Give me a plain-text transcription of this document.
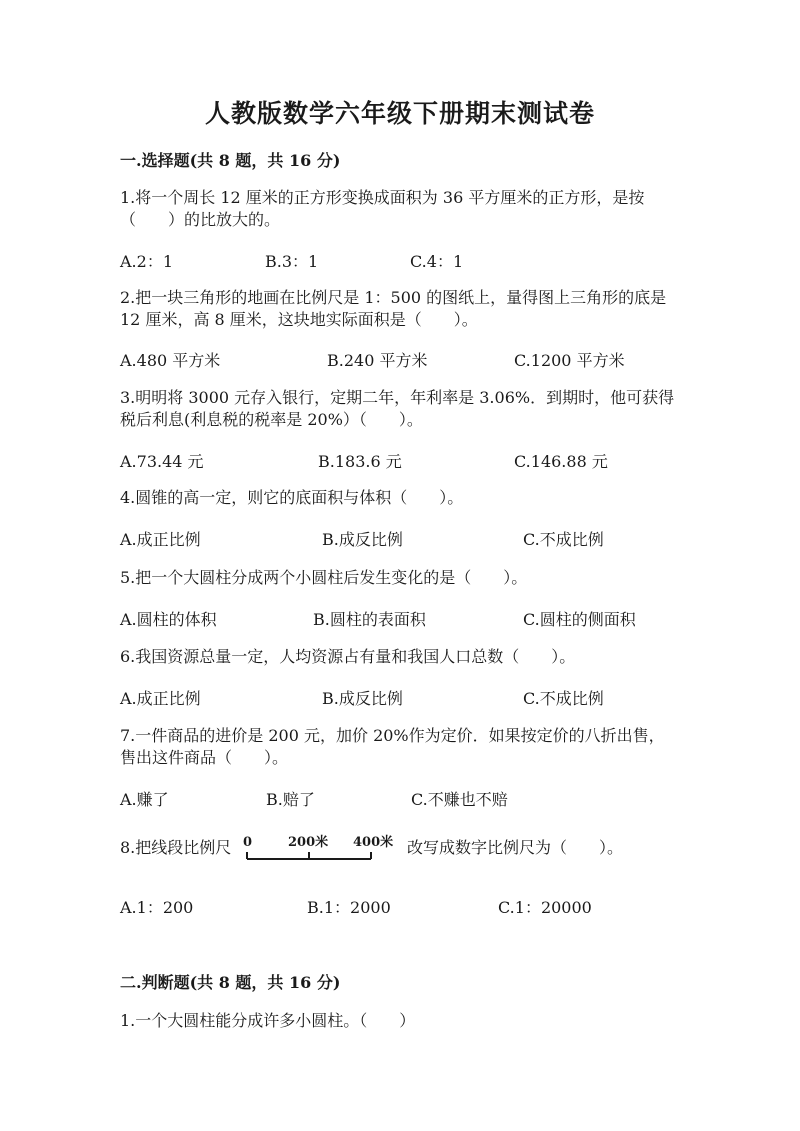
人教版数学六年级下册期末测试卷

一.选择题(共 8 题，共 16 分)

1.将一个周长 12 厘米的正方形变换成面积为 36 平方厘米的正方形，是按（　　）的比放大的。

A.2：1	B.3：1	C.4：1

2.把一块三角形的地画在比例尺是 1：500 的图纸上，量得图上三角形的底是 12 厘米，高 8 厘米，这块地实际面积是（　　）。

A.480 平方米	B.240 平方米	C.1200 平方米

3.明明将 3000 元存入银行，定期二年，年利率是 3.06%．到期时，他可获得税后利息(利息税的税率是 20%）（　　）。

A.73.44 元	B.183.6 元	C.146.88 元

4.圆锥的高一定，则它的底面积与体积（　　）。

A.成正比例	B.成反比例	C.不成比例

5.把一个大圆柱分成两个小圆柱后发生变化的是（　　）。

A.圆柱的体积	B.圆柱的表面积	C.圆柱的侧面积

6.我国资源总量一定，人均资源占有量和我国人口总数（　　）。

A.成正比例	B.成反比例	C.不成比例

7.一件商品的进价是 200 元，加价 20%作为定价．如果按定价的八折出售，售出这件商品（　　）。

A.赚了	B.赔了	C.不赚也不赔

8.把线段比例尺 0	200米 400米 改写成数字比例尺为（　　）。

A.1：200	B.1：2000	C.1：20000

二.判断题(共 8 题，共 16 分)

1.一个大圆柱能分成许多小圆柱。（　　）
